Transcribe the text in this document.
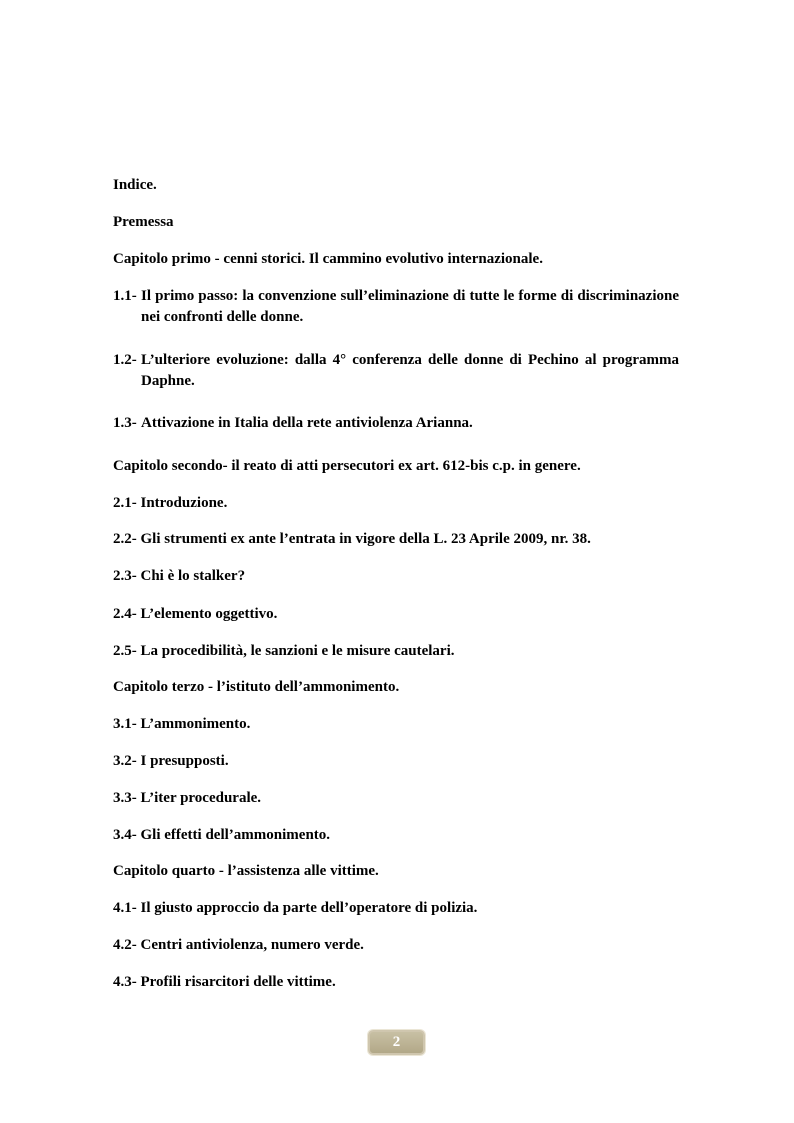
Indice.
Premessa
Capitolo primo - cenni storici. Il cammino evolutivo internazionale.
1.1- Il primo passo: la convenzione sull’eliminazione di tutte le forme di discriminazione nei confronti delle donne.
1.2- L’ulteriore evoluzione: dalla 4° conferenza delle donne di Pechino al programma Daphne.
1.3- Attivazione in Italia della rete antiviolenza Arianna.
Capitolo secondo- il reato di atti persecutori ex art. 612-bis c.p. in genere.
2.1- Introduzione.
2.2- Gli strumenti ex ante l’entrata in vigore della L. 23 Aprile 2009, nr. 38.
2.3- Chi è lo stalker?
2.4- L’elemento oggettivo.
2.5- La procedibilità, le sanzioni e le misure cautelari.
Capitolo terzo - l’istituto dell’ammonimento.
3.1- L’ammonimento.
3.2- I presupposti.
3.3- L’iter procedurale.
3.4- Gli effetti dell’ammonimento.
Capitolo quarto - l’assistenza alle vittime.
4.1- Il giusto approccio da parte dell’operatore di polizia.
4.2- Centri antiviolenza, numero verde.
4.3- Profili risarcitori delle vittime.
2
